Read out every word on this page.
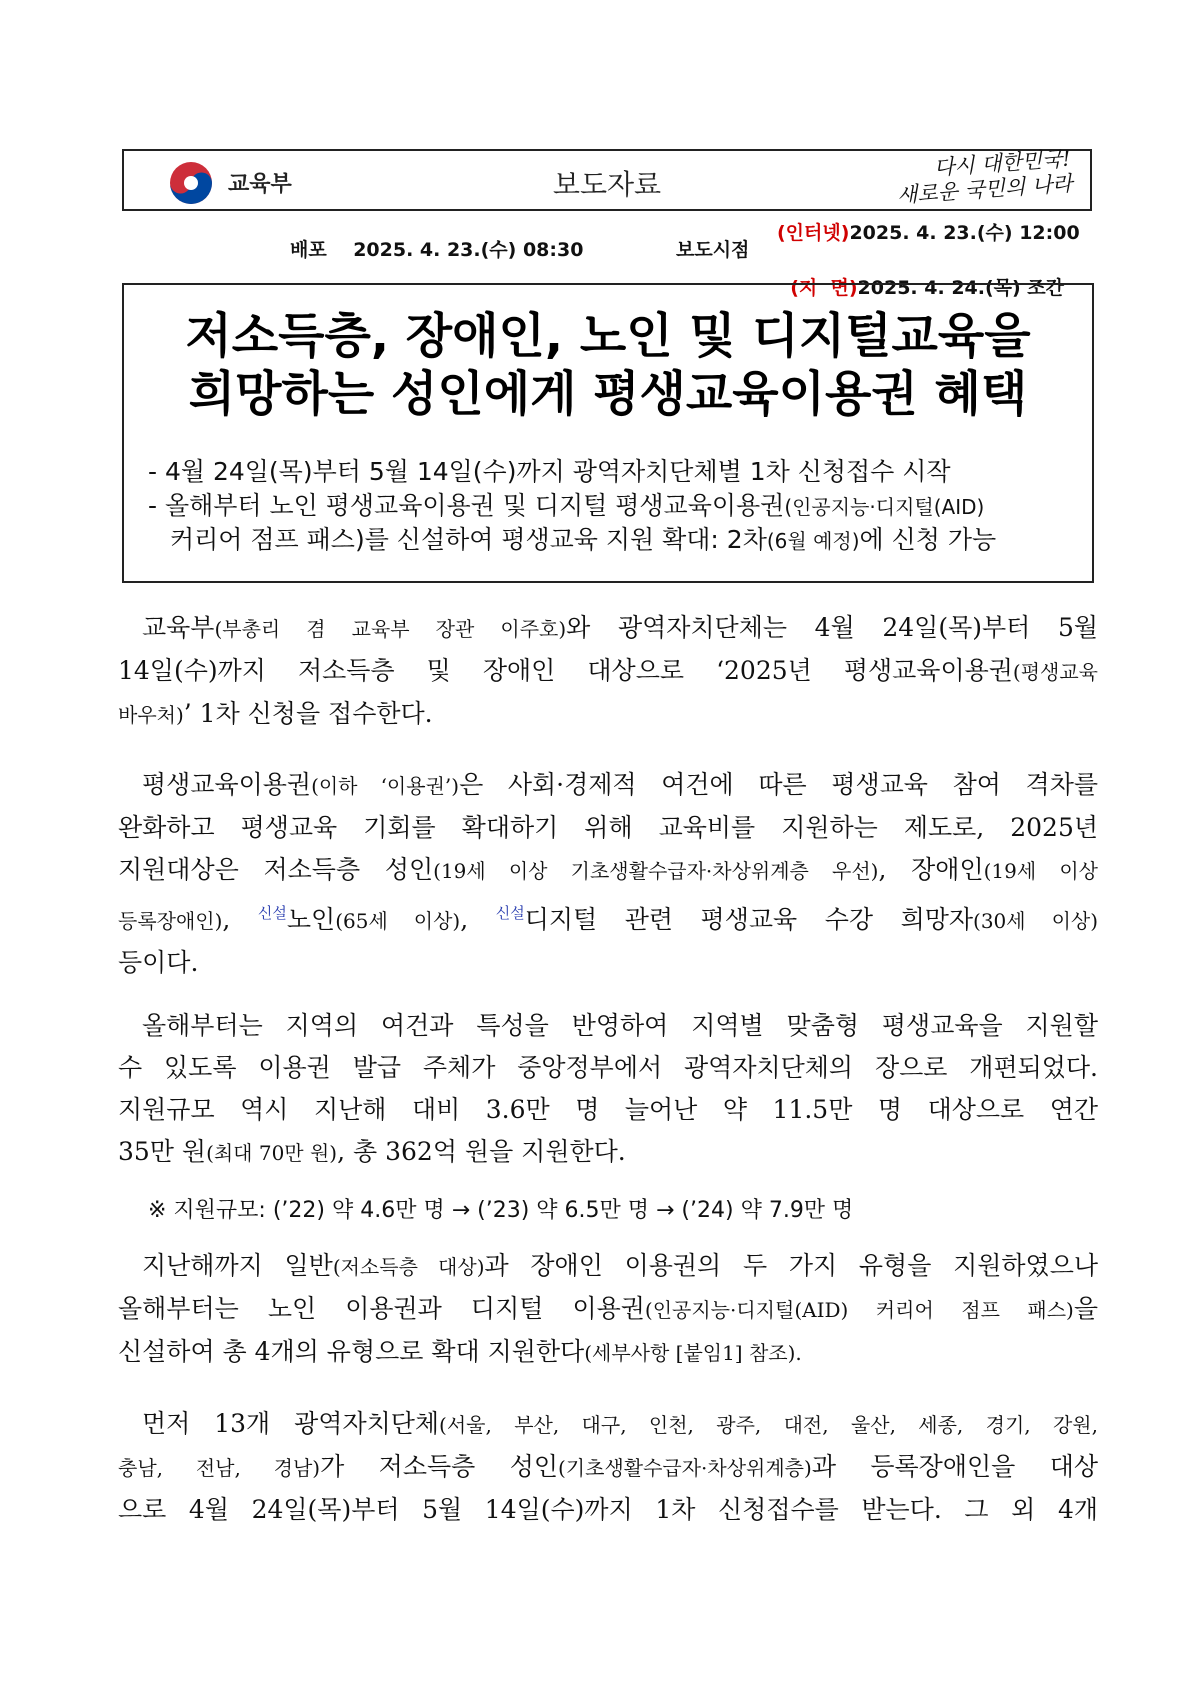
교육부	보도자료
다시 대한민국!
새로운 국민의 나라
배포 2025. 4. 23.(수) 08:30	보도시점
(인터넷)2025. 4. 23.(수) 12:00

(지  면)2025. 4. 24.(목) 조간

저소득층, 장애인, 노인 및 디지털교육을
희망하는 성인에게 평생교육이용권 혜택
- 4월 24일(목)부터 5월 14일(수)까지 광역자치단체별 1차 신청접수 시작
- 올해부터 노인 평생교육이용권 및 디지털 평생교육이용권(인공지능·디지털(AID)
커리어 점프 패스)를 신설하여 평생교육 지원 확대: 2차(6월 예정)에 신청 가능
교육부(부총리 겸 교육부 장관 이주호)와 광역자치단체는 4월 24일(목)부터 5월
14일(수)까지 저소득층 및 장애인 대상으로 ‘2025년 평생교육이용권(평생교육
바우처)’ 1차 신청을 접수한다.
평생교육이용권(이하 ‘이용권’)은 사회·경제적 여건에 따른 평생교육 참여 격차를
완화하고 평생교육 기회를 확대하기 위해 교육비를 지원하는 제도로, 2025년
지원대상은 저소득층 성인(19세 이상 기초생활수급자·차상위계층 우선), 장애인(19세 이상
등록장애인), $^{신설}$노인(65세 이상), $^{신설}$디지털 관련 평생교육 수강 희망자(30세 이상)
등이다.
올해부터는 지역의 여건과 특성을 반영하여 지역별 맞춤형 평생교육을 지원할
수 있도록 이용권 발급 주체가 중앙정부에서 광역자치단체의 장으로 개편되었다.
지원규모 역시 지난해 대비 3.6만 명 늘어난 약 11.5만 명 대상으로 연간
35만 원(최대 70만 원), 총 362억 원을 지원한다.
※ 지원규모: (’22) 약 4.6만 명 → (’23) 약 6.5만 명 → (’24) 약 7.9만 명
지난해까지 일반(저소득층 대상)과 장애인 이용권의 두 가지 유형을 지원하였으나
올해부터는 노인 이용권과 디지털 이용권(인공지능·디지털(AID) 커리어 점프 패스)을
신설하여 총 4개의 유형으로 확대 지원한다(세부사항 [붙임1] 참조).
먼저 13개 광역자치단체(서울, 부산, 대구, 인천, 광주, 대전, 울산, 세종, 경기, 강원,
충남, 전남, 경남)가 저소득층 성인(기초생활수급자·차상위계층)과 등록장애인을 대상
으로 4월 24일(목)부터 5월 14일(수)까지 1차 신청접수를 받는다. 그 외 4개
